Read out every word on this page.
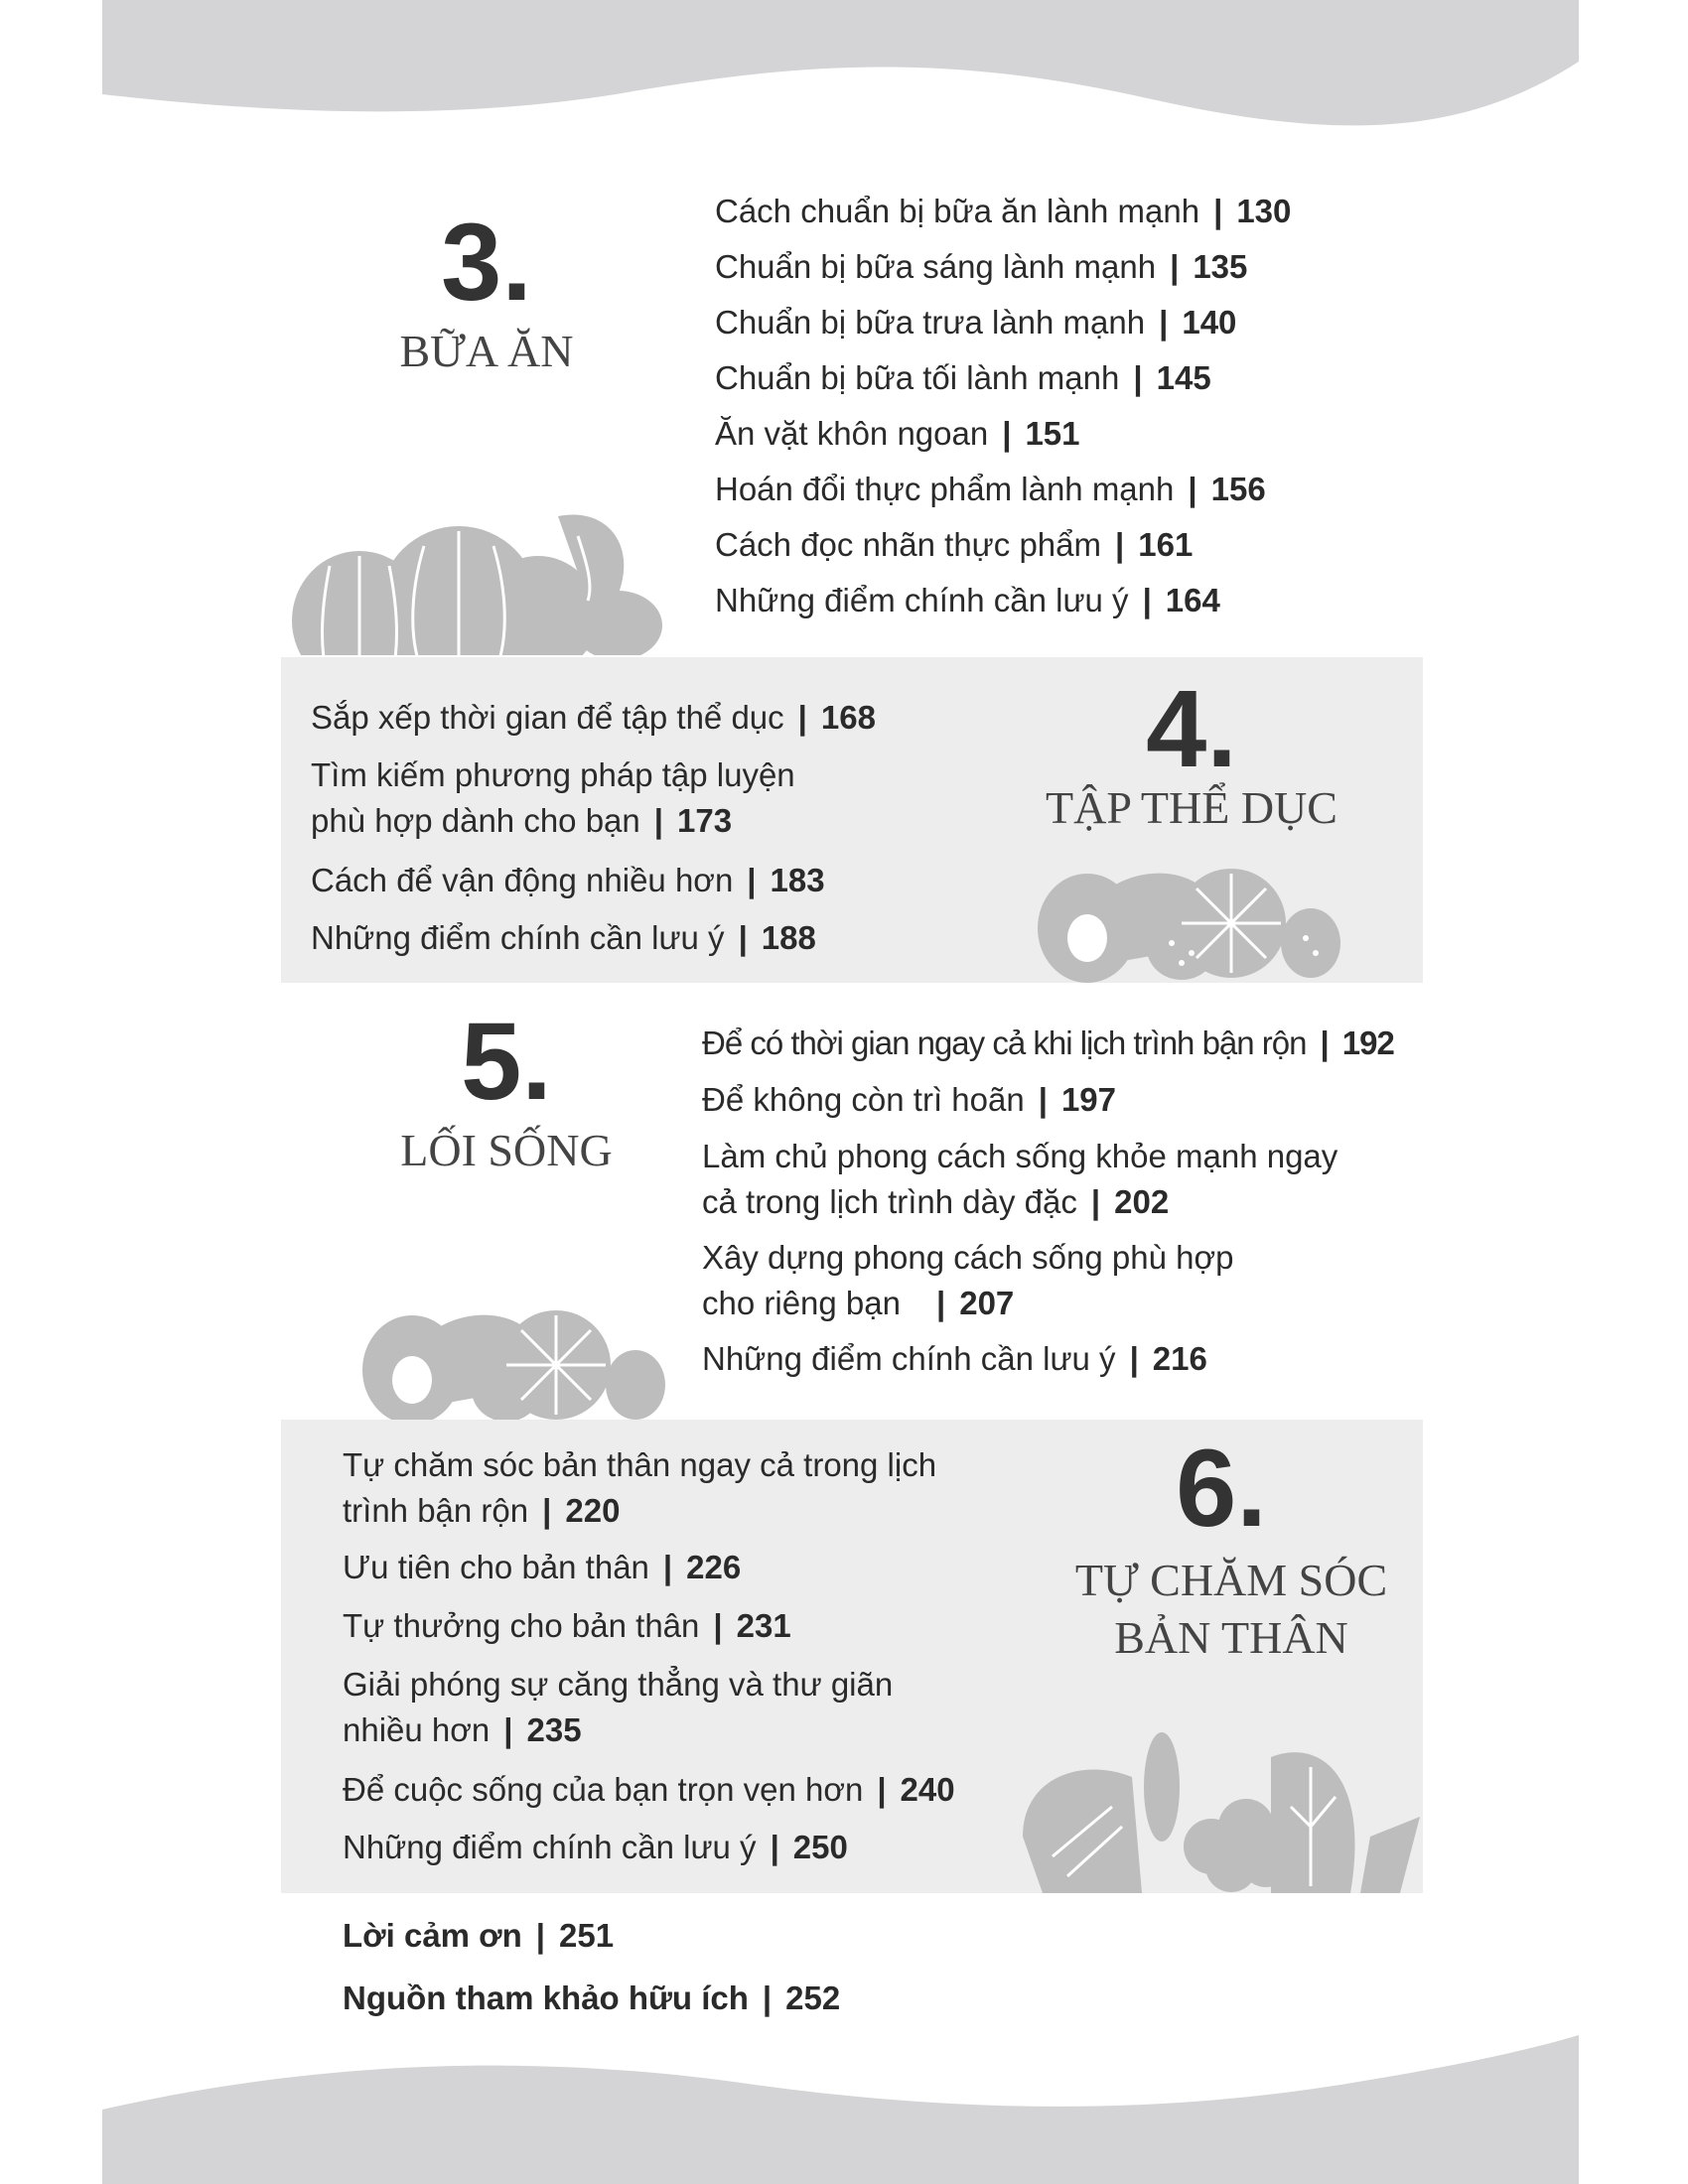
3.
BỮA ĂN
Cách chuẩn bị bữa ăn lành mạnh | 130
Chuẩn bị bữa sáng lành mạnh | 135
Chuẩn bị bữa trưa lành mạnh | 140
Chuẩn bị bữa tối lành mạnh | 145
Ăn vặt khôn ngoan | 151
Hoán đổi thực phẩm lành mạnh | 156
Cách đọc nhãn thực phẩm | 161
Những điểm chính cần lưu ý | 164
Sắp xếp thời gian để tập thể dục | 168
Tìm kiếm phương pháp tập luyện
phù hợp dành cho bạn | 173
Cách để vận động nhiều hơn | 183
Những điểm chính cần lưu ý | 188
4.
TẬP THỂ DỤC
5.
LỐI SỐNG
Để có thời gian ngay cả khi lịch trình bận rộn | 192
Để không còn trì hoãn | 197
Làm chủ phong cách sống khỏe mạnh ngay
cả trong lịch trình dày đặc | 202
Xây dựng phong cách sống phù hợp
cho riêng bạn | 207
Những điểm chính cần lưu ý | 216
Tự chăm sóc bản thân ngay cả trong lịch
trình bận rộn | 220
Ưu tiên cho bản thân | 226
Tự thưởng cho bản thân | 231
Giải phóng sự căng thẳng và thư giãn
nhiều hơn | 235
Để cuộc sống của bạn trọn vẹn hơn | 240
Những điểm chính cần lưu ý | 250
6.
TỰ CHĂM SÓC
BẢN THÂN
Lời cảm ơn | 251
Nguồn tham khảo hữu ích | 252
